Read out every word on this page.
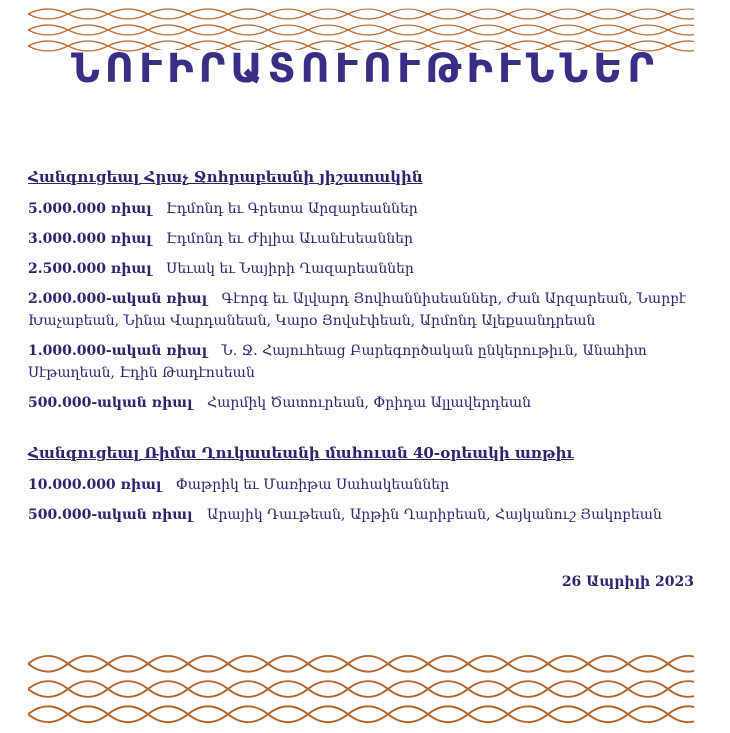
ՆՈՒԻՐԱՏՈՒՈՒԹԻՒՆՆԵՐ
Հանգուցեալ Հրաչ Ջոհրաբեանի յիշատակին
5.000.000 ռիալ Էդմոնդ եւ Գրետա Արզարեաններ
3.000.000 ռիալ Էդմոնդ եւ Ժիլիա Աւանէսեաններ
2.500.000 ռիալ Սեւակ եւ Նայիրի Ղազարեաններ
2.000.000-ական ռիալ Գէորգ եւ Ալվարդ Յովհաննիսեաններ, Ժան Արզարեան, Նարբէ Խաչաբեան, Նինա Վարդանեան, Կարօ Յովսէփեան, Արմոնդ Ալեքսանդրեան
1.000.000-ական ռիալ Ն. Ջ. Հայուհեաց Բարեգործական ընկերութիւն, Անահիտ Սէթաղեան, Էդին Թադէոսեան
500.000-ական ռիալ Հարմիկ Ծատուրեան, Փրիդա Ալլավերդեան
Հանգուցեալ Ռիմա Ղուկասեանի մահուան 40-օրեակի առթիւ
10.000.000 ռիալ Փաթրիկ եւ Մառիթա Սահակեաններ
500.000-ական ռիալ Արայիկ Դաւթեան, Արթին Ղարիբեան, Հայկանուշ Յակոբեան
26 Ապրիլի 2023
